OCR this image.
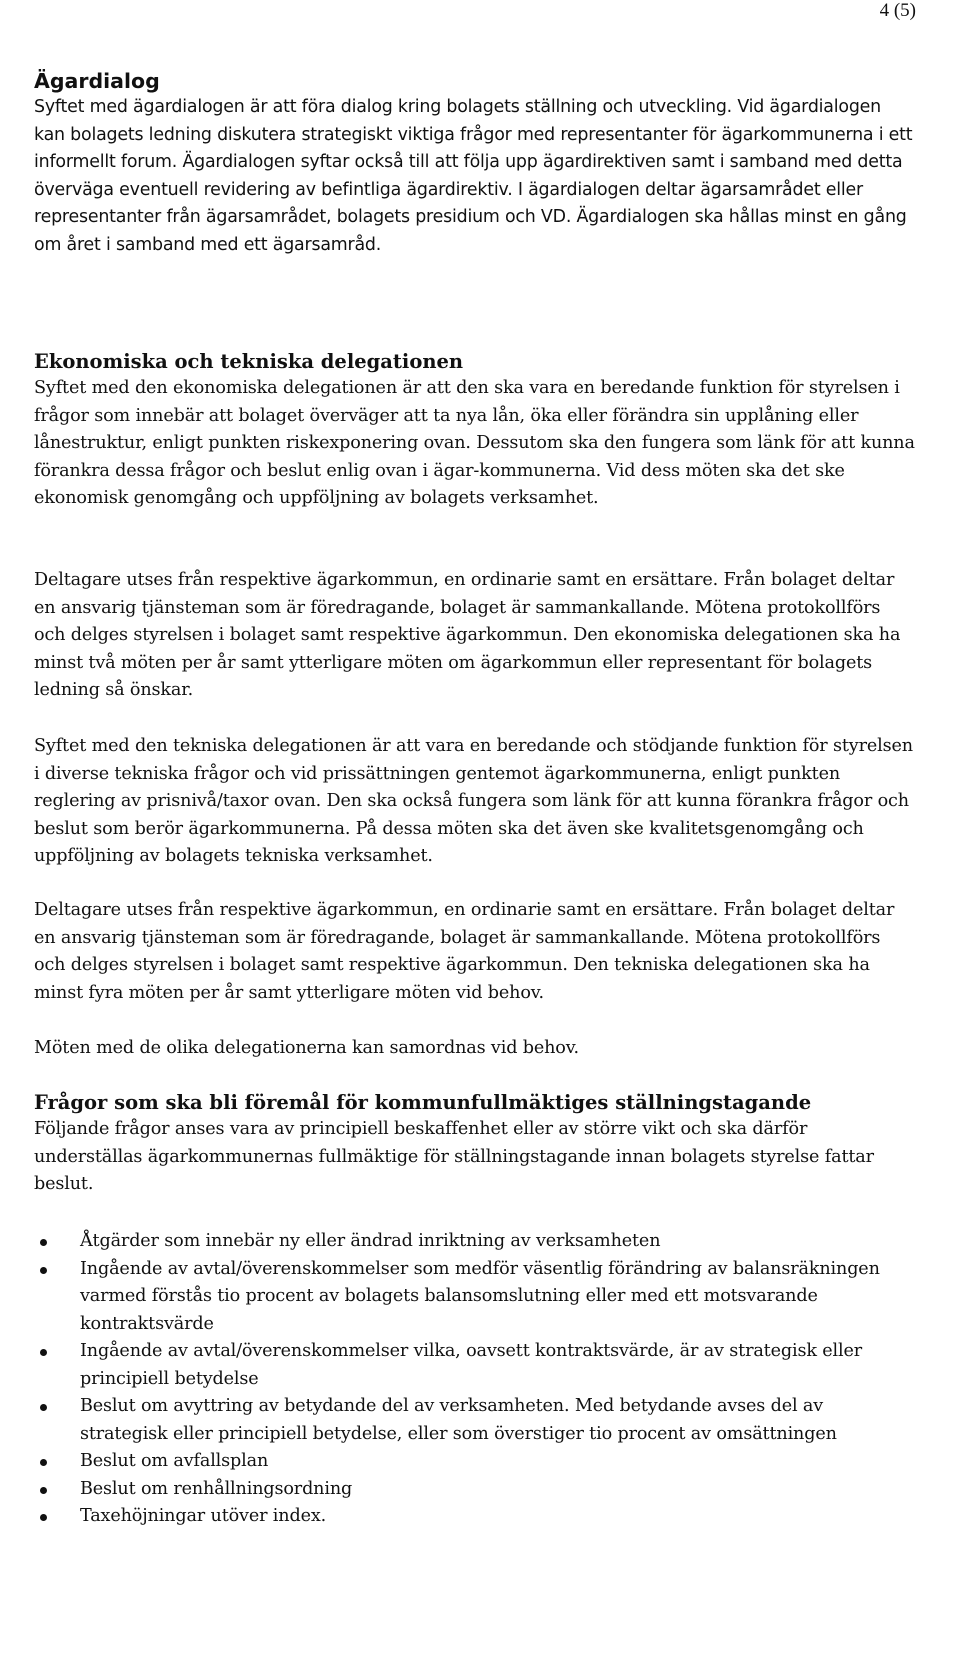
4 (5)
Ägardialog

Syftet med ägardialogen är att föra dialog kring bolagets ställning och utveckling. Vid ägardialogen kan bolagets ledning diskutera strategiskt viktiga frågor med representanter för ägarkommunerna i ett informellt forum. Ägardialogen syftar också till att följa upp ägardirektiven samt i samband med detta överväga eventuell revidering av befintliga ägardirektiv. I ägardialogen deltar ägarsamrådet eller representanter från ägarsamrådet, bolagets presidium och VD. Ägardialogen ska hållas minst en gång om året i samband med ett ägarsamråd.

Ekonomiska och tekniska delegationen

Syftet med den ekonomiska delegationen är att den ska vara en beredande funktion för styrelsen i frågor som innebär att bolaget överväger att ta nya lån, öka eller förändra sin upplåning eller lånestruktur, enligt punkten riskexponering ovan. Dessutom ska den fungera som länk för att kunna förankra dessa frågor och beslut enlig ovan i ägar-kommunerna. Vid dess möten ska det ske ekonomisk genomgång och uppföljning av bolagets verksamhet.

Deltagare utses från respektive ägarkommun, en ordinarie samt en ersättare. Från bolaget deltar en ansvarig tjänsteman som är föredragande, bolaget är sammankallande. Mötena protokollförs och delges styrelsen i bolaget samt respektive ägarkommun. Den ekonomiska delegationen ska ha minst två möten per år samt ytterligare möten om ägarkommun eller representant för bolagets ledning så önskar.

Syftet med den tekniska delegationen är att vara en beredande och stödjande funktion för styrelsen i diverse tekniska frågor och vid prissättningen gentemot ägarkommunerna, enligt punkten reglering av prisnivå/taxor ovan. Den ska också fungera som länk för att kunna förankra frågor och beslut som berör ägarkommunerna. På dessa möten ska det även ske kvalitetsgenomgång och uppföljning av bolagets tekniska verksamhet.

Deltagare utses från respektive ägarkommun, en ordinarie samt en ersättare. Från bolaget deltar en ansvarig tjänsteman som är föredragande, bolaget är sammankallande. Mötena protokollförs och delges styrelsen i bolaget samt respektive ägarkommun. Den tekniska delegationen ska ha minst fyra möten per år samt ytterligare möten vid behov.

Möten med de olika delegationerna kan samordnas vid behov.

Frågor som ska bli föremål för kommunfullmäktiges ställningstagande

Följande frågor anses vara av principiell beskaffenhet eller av större vikt och ska därför underställas ägarkommunernas fullmäktige för ställningstagande innan bolagets styrelse fattar beslut.

Åtgärder som innebär ny eller ändrad inriktning av verksamheten
Ingående av avtal/överenskommelser som medför väsentlig förändring av balansräkningen varmed förstås tio procent av bolagets balansomslutning eller med ett motsvarande kontraktsvärde
Ingående av avtal/överenskommelser vilka, oavsett kontraktsvärde, är av strategisk eller principiell betydelse
Beslut om avyttring av betydande del av verksamheten. Med betydande avses del av strategisk eller principiell betydelse, eller som överstiger tio procent av omsättningen
Beslut om avfallsplan
Beslut om renhållningsordning
Taxehöjningar utöver index.
